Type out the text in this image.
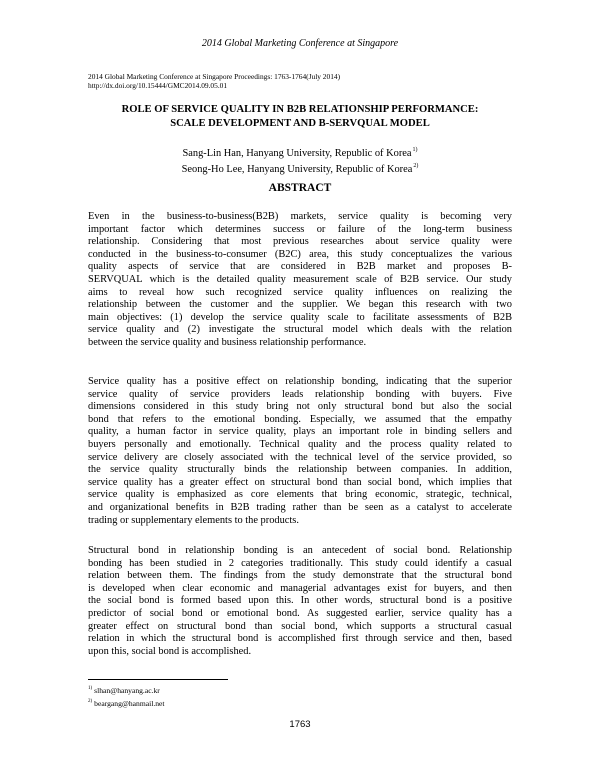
2014 Global Marketing Conference at Singapore
2014 Global Marketing Conference at Singapore Proceedings: 1763-1764(July 2014)
http://dx.doi.org/10.15444/GMC2014.09.05.01
ROLE OF SERVICE QUALITY IN B2B RELATIONSHIP PERFORMANCE:
SCALE DEVELOPMENT AND B-SERVQUAL MODEL
Sang-Lin Han, Hanyang University, Republic of Korea$^{1)}$
Seong-Ho Lee, Hanyang University, Republic of Korea$^{2)}$
ABSTRACT
Even in the business-to-business(B2B) markets, service quality is becoming very
important factor which determines success or failure of the long-term business
relationship. Considering that most previous researches about service quality were
conducted in the business-to-consumer (B2C) area, this study conceptualizes the various
quality aspects of service that are considered in B2B market and proposes B-
SERVQUAL which is the detailed quality measurement scale of B2B service. Our study
aims to reveal how such recognized service quality influences on realizing the
relationship between the customer and the supplier. We began this research with two
main objectives: (1) develop the service quality scale to facilitate assessments of B2B
service quality and (2) investigate the structural model which deals with the relation
between the service quality and business relationship performance.
Service quality has a positive effect on relationship bonding, indicating that the superior
service quality of service providers leads relationship bonding with buyers. Five
dimensions considered in this study bring not only structural bond but also the social
bond that refers to the emotional bonding. Especially, we assumed that the empathy
quality, a human factor in service quality, plays an important role in binding sellers and
buyers personally and emotionally. Technical quality and the process quality related to
service delivery are closely associated with the technical level of the service provided, so
the service quality structurally binds the relationship between companies. In addition,
service quality has a greater effect on structural bond than social bond, which implies that
service quality is emphasized as core elements that bring economic, strategic, technical,
and organizational benefits in B2B trading rather than be seen as a catalyst to accelerate
trading or supplementary elements to the products.
Structural bond in relationship bonding is an antecedent of social bond. Relationship
bonding has been studied in 2 categories traditionally. This study could identify a casual
relation between them. The findings from the study demonstrate that the structural bond
is developed when clear economic and managerial advantages exist for buyers, and then
the social bond is formed based upon this. In other words, structural bond is a positive
predictor of social bond or emotional bond. As suggested earlier, service quality has a
greater effect on structural bond than social bond, which supports a structural casual
relation in which the structural bond is accomplished first through service and then, based
upon this, social bond is accomplished.
$^{1)}$ slhan@hanyang.ac.kr
$^{2)}$ beargang@hanmail.net
1763
